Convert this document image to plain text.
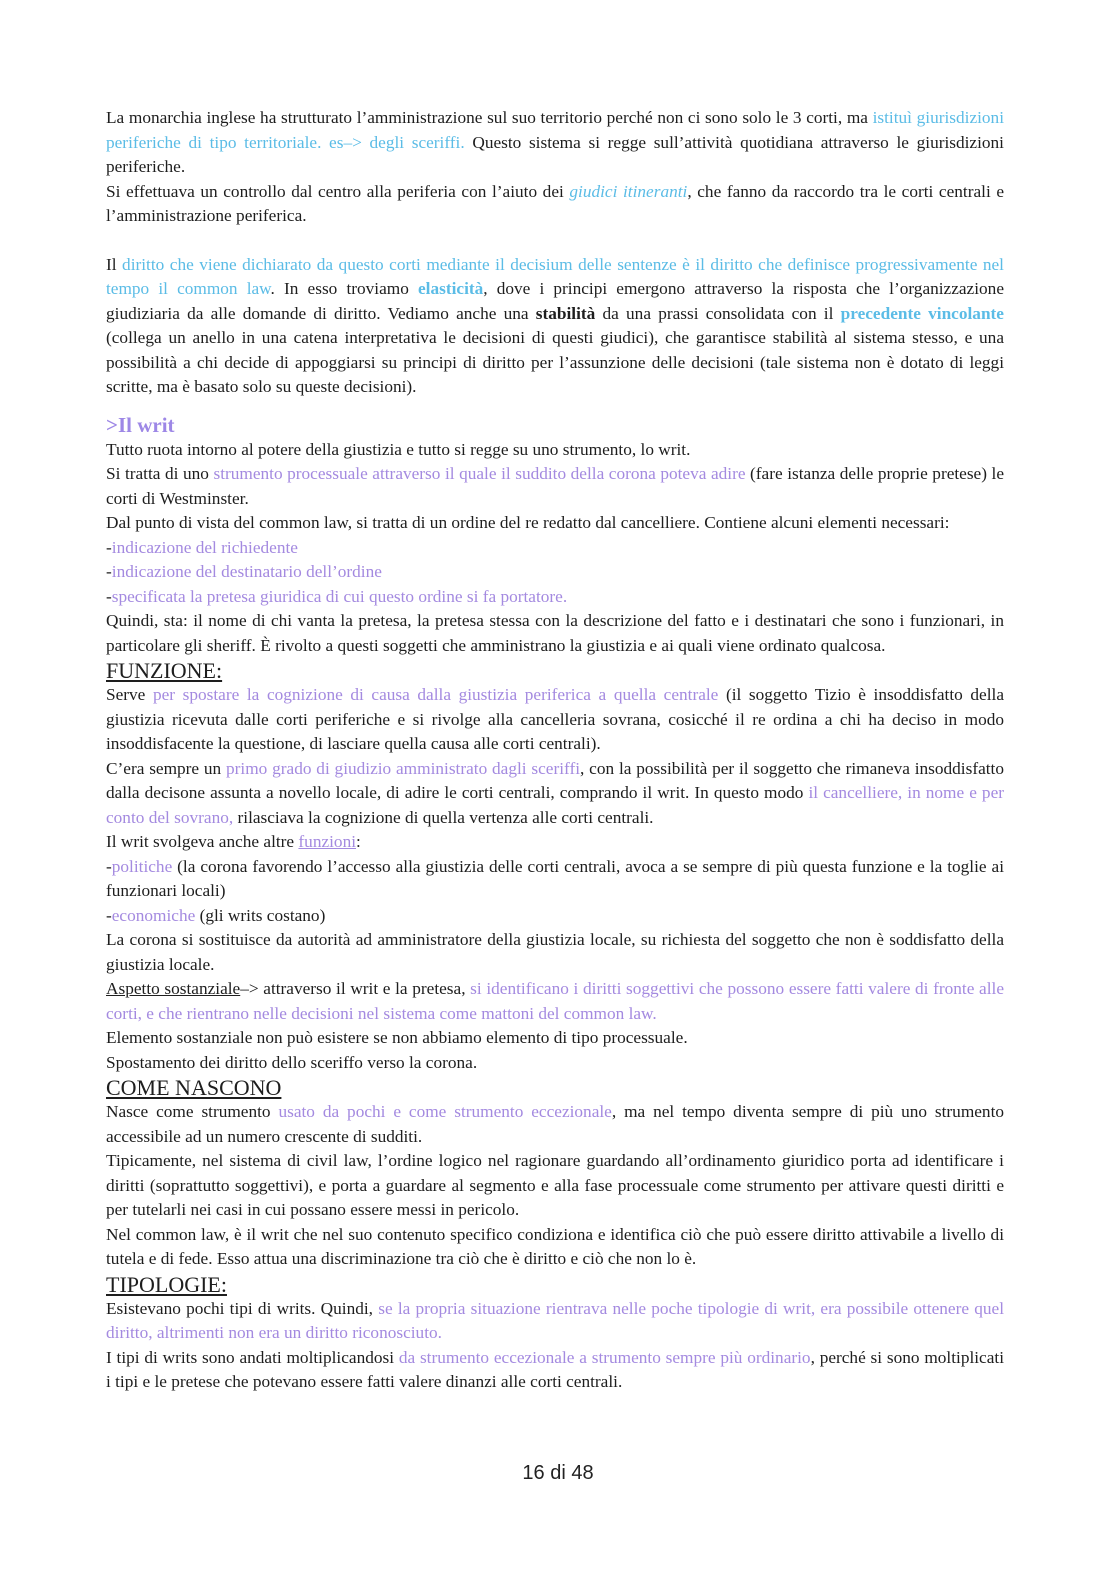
La monarchia inglese ha strutturato l’amministrazione sul suo territorio perché non ci sono solo le 3 corti, ma istituì giurisdizioni periferiche di tipo territoriale. es–> degli sceriffi. Questo sistema si regge sull’attività quotidiana attraverso le giurisdizioni periferiche.

Si effettuava un controllo dal centro alla periferia con l’aiuto dei giudici itineranti, che fanno da raccordo tra le corti centrali e l’amministrazione periferica.

Il diritto che viene dichiarato da questo corti mediante il decisium delle sentenze è il diritto che definisce progressivamente nel tempo il common law. In esso troviamo elasticità, dove i principi emergono attraverso la risposta che l’organizzazione giudiziaria da alle domande di diritto. Vediamo anche una stabilità da una prassi consolidata con il precedente vincolante (collega un anello in una catena interpretativa le decisioni di questi giudici), che garantisce stabilità al sistema stesso, e una possibilità a chi decide di appoggiarsi su principi di diritto per l’assunzione delle decisioni (tale sistema non è dotato di leggi scritte, ma è basato solo su queste decisioni).

>Il writ

Tutto ruota intorno al potere della giustizia e tutto si regge su uno strumento, lo writ.

Si tratta di uno strumento processuale attraverso il quale il suddito della corona poteva adire (fare istanza delle proprie pretese) le corti di Westminster.

Dal punto di vista del common law, si tratta di un ordine del re redatto dal cancelliere. Contiene alcuni elementi necessari:

-indicazione del richiedente

-indicazione del destinatario dell’ordine

-specificata la pretesa giuridica di cui questo ordine si fa portatore.

Quindi, sta: il nome di chi vanta la pretesa, la pretesa stessa con la descrizione del fatto e i destinatari che sono i funzionari, in particolare gli sheriff. È rivolto a questi soggetti che amministrano la giustizia e ai quali viene ordinato qualcosa.

FUNZIONE:

Serve per spostare la cognizione di causa dalla giustizia periferica a quella centrale (il soggetto Tizio è insoddisfatto della giustizia ricevuta dalle corti periferiche e si rivolge alla cancelleria sovrana, cosicché il re ordina a chi ha deciso in modo insoddisfacente la questione, di lasciare quella causa alle corti centrali).

C’era sempre un primo grado di giudizio amministrato dagli sceriffi, con la possibilità per il soggetto che rimaneva insoddisfatto dalla decisone assunta a novello locale, di adire le corti centrali, comprando il writ. In questo modo il cancelliere, in nome e per conto del sovrano, rilasciava la cognizione di quella vertenza alle corti centrali.

Il writ svolgeva anche altre funzioni:

-politiche (la corona favorendo l’accesso alla giustizia delle corti centrali, avoca a se sempre di più questa funzione e la toglie ai funzionari locali)

-economiche (gli writs costano)

La corona si sostituisce da autorità ad amministratore della giustizia locale, su richiesta del soggetto che non è soddisfatto della giustizia locale.

Aspetto sostanziale–> attraverso il writ e la pretesa, si identificano i diritti soggettivi che possono essere fatti valere di fronte alle corti, e che rientrano nelle decisioni nel sistema come mattoni del common law.

Elemento sostanziale non può esistere se non abbiamo elemento di tipo processuale.

Spostamento dei diritto dello sceriffo verso la corona.

COME NASCONO

Nasce come strumento usato da pochi e come strumento eccezionale, ma nel tempo diventa sempre di più uno strumento accessibile ad un numero crescente di sudditi.

Tipicamente, nel sistema di civil law, l’ordine logico nel ragionare guardando all’ordinamento giuridico porta ad identificare i diritti (soprattutto soggettivi), e porta a guardare al segmento e alla fase processuale come strumento per attivare questi diritti e per tutelarli nei casi in cui possano essere messi in pericolo.

Nel common law, è il writ che nel suo contenuto specifico condiziona e identifica ciò che può essere diritto attivabile a livello di tutela e di fede. Esso attua una discriminazione tra ciò che è diritto e ciò che non lo è.

TIPOLOGIE:

Esistevano pochi tipi di writs. Quindi, se la propria situazione rientrava nelle poche tipologie di writ, era possibile ottenere quel diritto, altrimenti non era un diritto riconosciuto.

I tipi di writs sono andati moltiplicandosi da strumento eccezionale a strumento sempre più ordinario, perché si sono moltiplicati i tipi e le pretese che potevano essere fatti valere dinanzi alle corti centrali.

16 di 48
